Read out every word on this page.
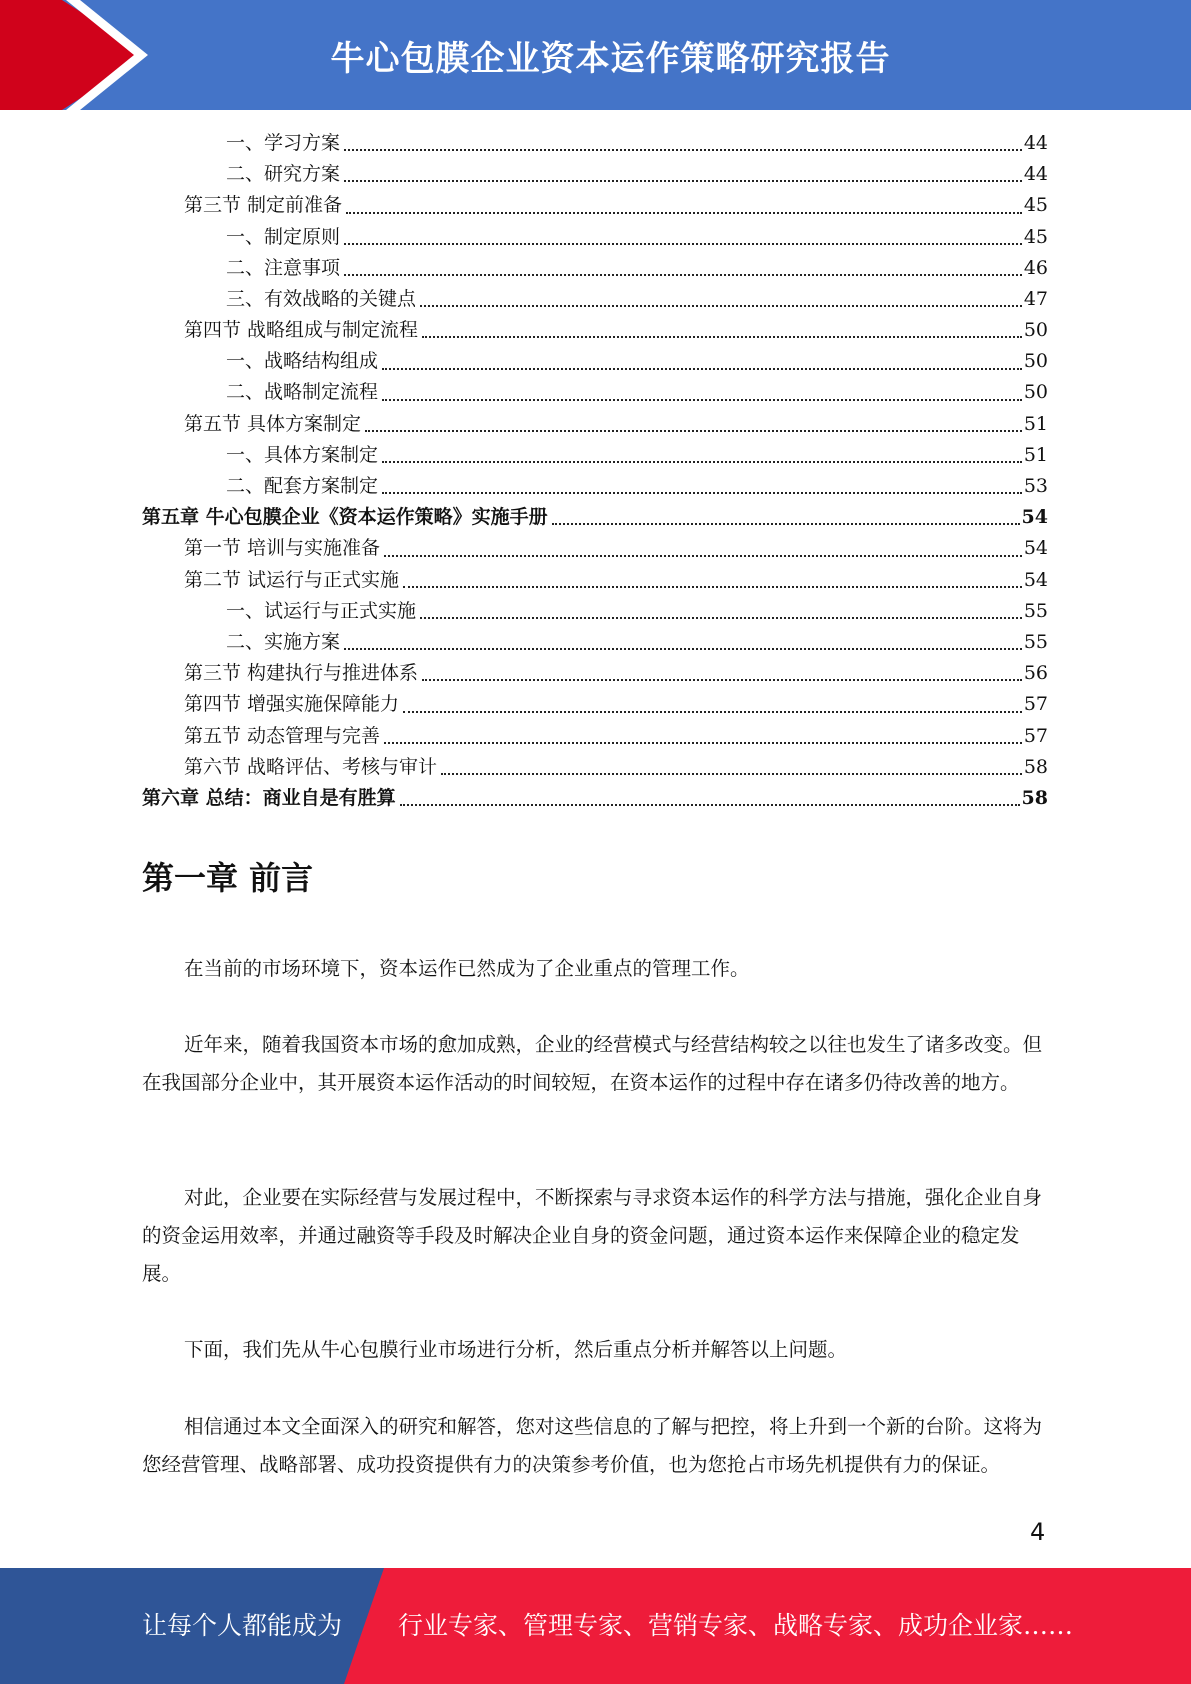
牛心包膜企业资本运作策略研究报告
一、学习方案	44
二、研究方案	44
第三节 制定前准备	45
一、制定原则	45
二、注意事项	46
三、有效战略的关键点	47
第四节 战略组成与制定流程	50
一、战略结构组成	50
二、战略制定流程	50
第五节 具体方案制定	51
一、具体方案制定	51
二、配套方案制定	53
第五章 牛心包膜企业《资本运作策略》实施手册	54
第一节 培训与实施准备	54
第二节 试运行与正式实施	54
一、试运行与正式实施	55
二、实施方案	55
第三节 构建执行与推进体系	56
第四节 增强实施保障能力	57
第五节 动态管理与完善	57
第六节 战略评估、考核与审计	58
第六章 总结：商业自是有胜算	58
第一章 前言

在当前的市场环境下，资本运作已然成为了企业重点的管理工作。

近年来，随着我国资本市场的愈加成熟，企业的经营模式与经营结构较之以往也发生了诸多改变。但在我国部分企业中，其开展资本运作活动的时间较短，在资本运作的过程中存在诸多仍待改善的地方。

对此，企业要在实际经营与发展过程中，不断探索与寻求资本运作的科学方法与措施，强化企业自身的资金运用效率，并通过融资等手段及时解决企业自身的资金问题，通过资本运作来保障企业的稳定发展。

下面，我们先从牛心包膜行业市场进行分析，然后重点分析并解答以上问题。

相信通过本文全面深入的研究和解答，您对这些信息的了解与把控，将上升到一个新的台阶。这将为您经营管理、战略部署、成功投资提供有力的决策参考价值，也为您抢占市场先机提供有力的保证。

4
让每个人都能成为 行业专家、管理专家、营销专家、战略专家、成功企业家……
